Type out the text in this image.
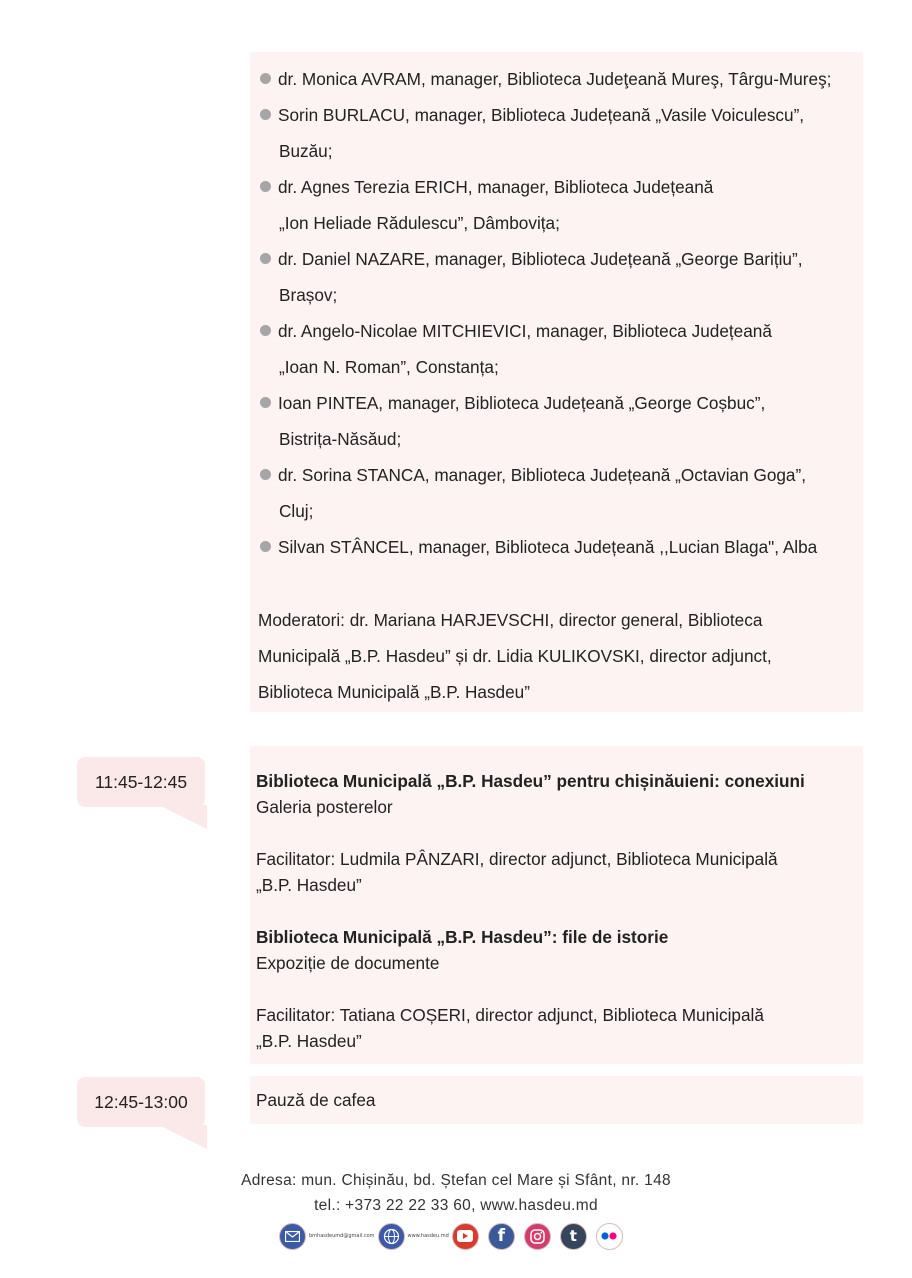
dr. Monica AVRAM, manager, Biblioteca Judeţeană Mureş, Târgu-Mureş;
Sorin BURLACU, manager, Biblioteca Județeană „Vasile Voiculescu”,
Buzău;
dr. Agnes Terezia ERICH, manager, Biblioteca Județeană
„Ion Heliade Rădulescu”, Dâmbovița;
dr. Daniel NAZARE, manager, Biblioteca Județeană „George Barițiu”,
Brașov;
dr. Angelo-Nicolae MITCHIEVICI, manager, Biblioteca Județeană
„Ioan N. Roman”, Constanța;
Ioan PINTEA, manager, Biblioteca Județeană „George Coșbuc”,
Bistrița-Năsăud;
dr. Sorina STANCA, manager, Biblioteca Județeană „Octavian Goga”,
Cluj;
Silvan STÂNCEL, manager, Biblioteca Județeană ,,Lucian Blaga", Alba

Moderatori: dr. Mariana HARJEVSCHI, director general, Biblioteca
Municipală „B.P. Hasdeu” și dr. Lidia KULIKOVSKI, director adjunct,
Biblioteca Municipală „B.P. Hasdeu”

11:45-12:45	Biblioteca Municipală „B.P. Hasdeu” pentru chișinăuieni: conexiuni
Galeria posterelor

Facilitator: Ludmila PÂNZARI, director adjunct, Biblioteca Municipală
„B.P. Hasdeu”

Biblioteca Municipală „B.P. Hasdeu”: file de istorie
Expoziție de documente

Facilitator: Tatiana COȘERI, director adjunct, Biblioteca Municipală
„B.P. Hasdeu”

12:45-13:00	Pauză de cafea

Adresa: mun. Chișinău, bd. Ștefan cel Mare și Sfânt, nr. 148
tel.: +373 22 22 33 60, www.hasdeu.md
bmhasdeumd@gmail.com	www.hasdeu.md	f	t
